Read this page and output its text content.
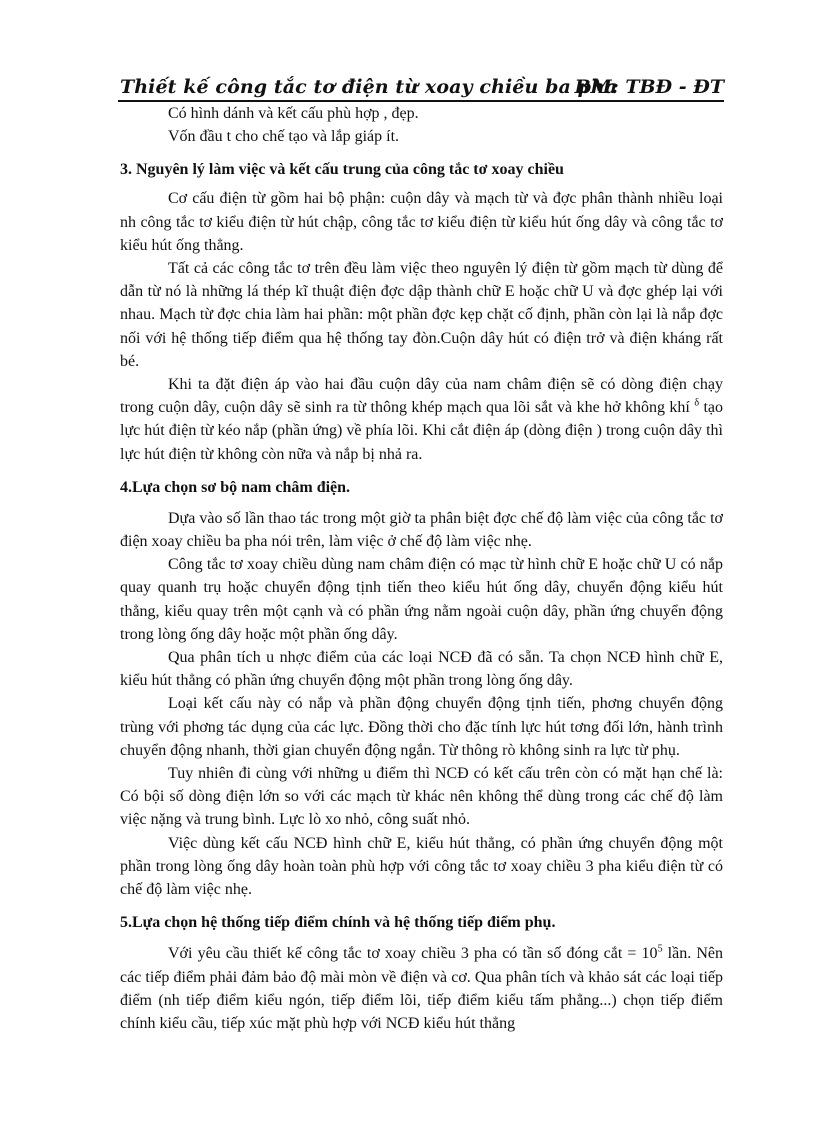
Thiết kế công tắc tơ điện từ xoay chiều ba pha
BM: TBĐ - ĐT

Có hình dánh và kết cấu phù hợp , đẹp.

Vốn đầu t cho chế tạo và lắp giáp ít.

3. Nguyên lý làm việc và kết cấu trung của công tắc tơ xoay chiều

Cơ cấu điện từ gồm hai bộ phận: cuộn dây và mạch từ và đợc phân thành nhiều loại nh công tắc tơ kiểu điện từ hút chập, công tắc tơ kiểu điện từ kiểu hút ống dây và công tắc tơ kiểu hút ống thẳng.

Tất cả các công tắc tơ trên đều làm việc theo nguyên lý điện từ gồm mạch từ dùng để dẫn từ nó là những lá thép kĩ thuật điện đợc dập thành chữ E hoặc chữ U và đợc ghép lại với nhau. Mạch từ đợc chia làm hai phần: một phần đợc kẹp chặt cố định, phần còn lại là nắp đợc nối với hệ thống tiếp điểm qua hệ thống tay đòn.Cuộn dây hút có điện trở và điện kháng rất bé.

Khi ta đặt điện áp vào hai đầu cuộn dây của nam châm điện sẽ có dòng điện chạy trong cuộn dây, cuộn dây sẽ sinh ra từ thông khép mạch qua lõi sắt và khe hở không khí $^\delta$ tạo lực hút điện từ kéo nắp (phần ứng) về phía lõi. Khi cắt điện áp (dòng điện ) trong cuộn dây thì lực hút điện từ không còn nữa và nắp bị nhả ra.

4.Lựa chọn sơ bộ nam châm điện.

Dựa vào số lần thao tác trong một giờ ta phân biệt đợc chế độ làm việc của công tắc tơ điện xoay chiều ba pha nói trên, làm việc ở chế độ làm việc nhẹ.

Công tắc tơ xoay chiều dùng nam châm điện có mạc từ hình chữ E hoặc chữ U có nắp quay quanh trụ hoặc chuyển động tịnh tiến theo kiểu hút ống dây, chuyển động kiểu hút thẳng, kiểu quay trên một cạnh và có phần ứng nằm ngoài cuộn dây, phần ứng chuyển động trong lòng ống dây hoặc một phần ống dây.

Qua phân tích u nhợc điểm của các loại NCĐ đã có sẵn. Ta chọn NCĐ hình chữ E, kiểu hút thẳng có phần ứng chuyển động một phần trong lòng ống dây.

Loại kết cấu này có nắp và phần động chuyển động tịnh tiến, phơng chuyển động trùng với phơng tác dụng của các lực. Đồng thời cho đặc tính lực hút tơng đối lớn, hành trình chuyển động nhanh, thời gian chuyển động ngắn. Từ thông rò không sinh ra lực từ phụ.

Tuy nhiên đi cùng với những u điểm thì NCĐ có kết cấu trên còn có mặt hạn chế là: Có bội số dòng điện lớn so với các mạch từ khác nên không thể dùng trong các chế độ làm việc nặng và trung bình. Lực lò xo nhỏ, công suất nhỏ.

Việc dùng kết cấu NCĐ hình chữ E, kiểu hút thẳng, có phần ứng chuyển động một phần trong lòng ống dây hoàn toàn phù hợp với công tắc tơ xoay chiều 3 pha kiểu điện từ có chế độ làm việc nhẹ.

5.Lựa chọn hệ thống tiếp điểm chính và hệ thống tiếp điểm phụ.

Với yêu cầu thiết kế công tắc tơ xoay chiều 3 pha có tần số đóng cắt = $10^5$ lần. Nên các tiếp điểm phải đảm bảo độ mài mòn về điện và cơ. Qua phân tích và khảo sát các loại tiếp điểm (nh tiếp điểm kiểu ngón, tiếp điểm lõi, tiếp điểm kiểu tấm phẳng...) chọn tiếp điểm chính kiểu cầu, tiếp xúc mặt phù hợp với NCĐ kiểu hút thẳng
